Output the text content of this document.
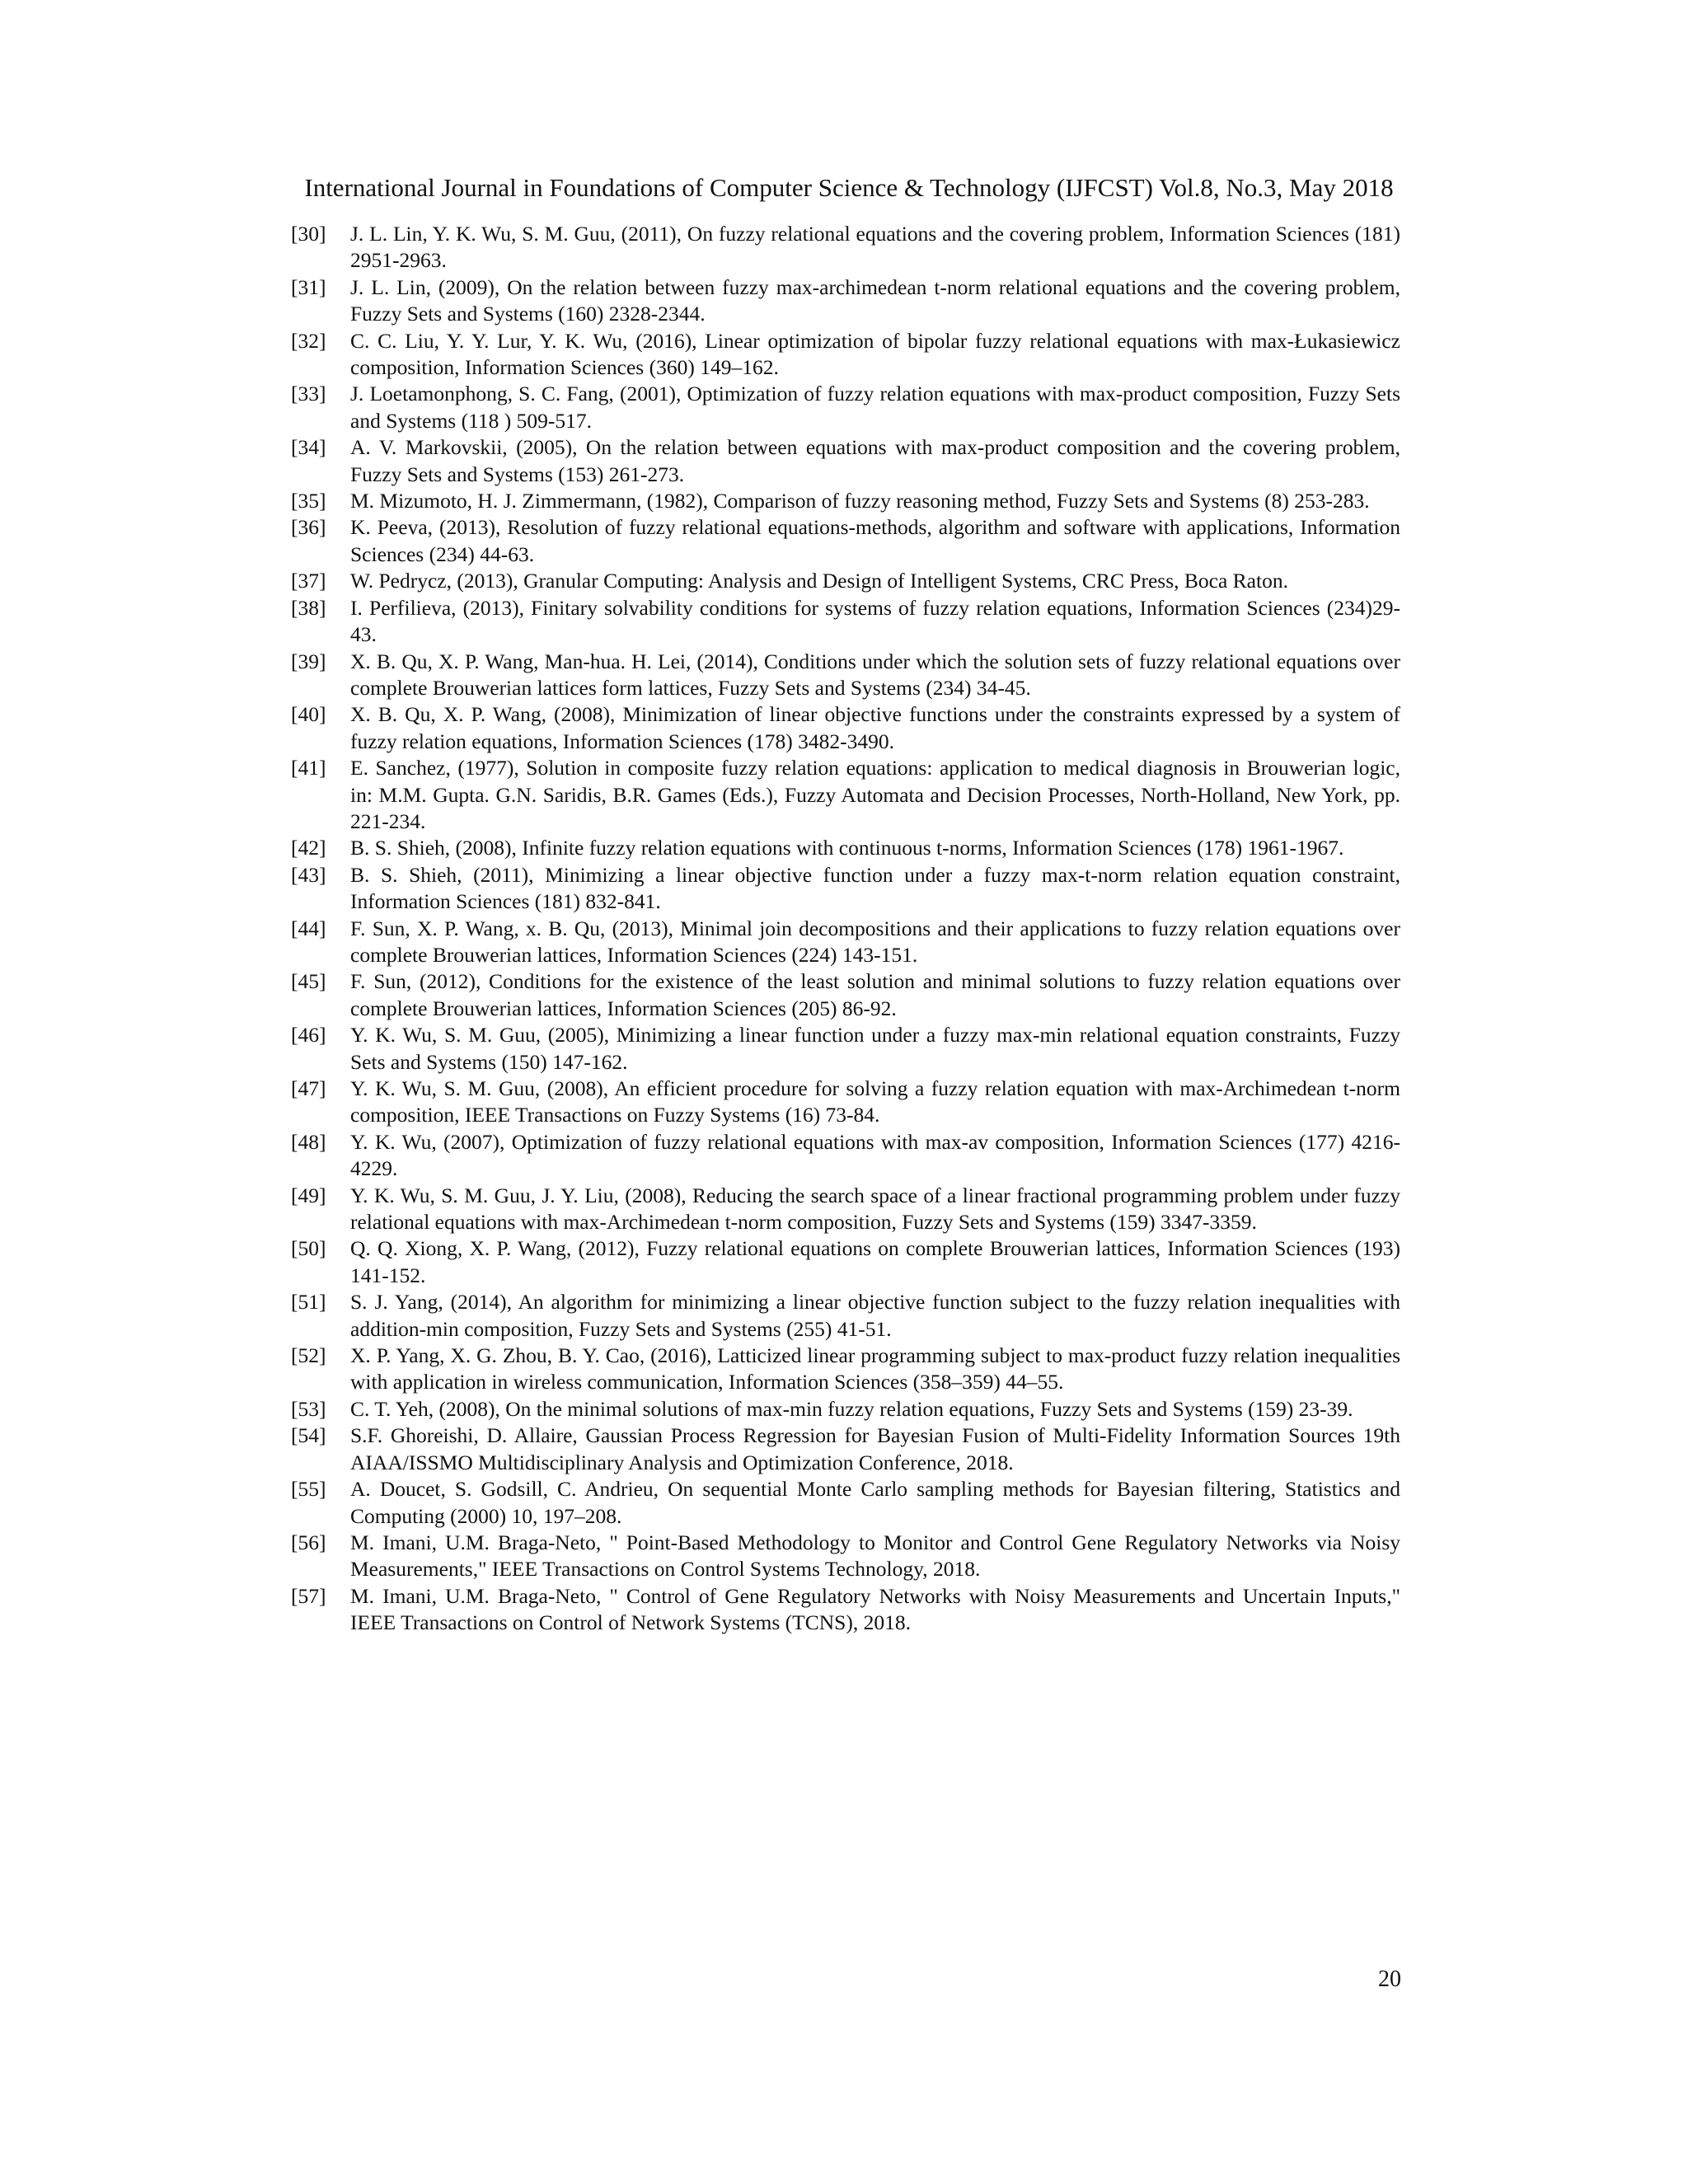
International Journal in Foundations of Computer Science & Technology (IJFCST) Vol.8, No.3, May 2018
[30]	J. L. Lin, Y. K. Wu, S. M. Guu, (2011), On fuzzy relational equations and the covering problem, Information Sciences (181) 2951-2963.
[31]	J. L. Lin, (2009), On the relation between fuzzy max-archimedean t-norm relational equations and the covering problem, Fuzzy Sets and Systems (160) 2328-2344.
[32]	C. C. Liu, Y. Y. Lur, Y. K. Wu, (2016), Linear optimization of bipolar fuzzy relational equations with max-Łukasiewicz composition, Information Sciences (360) 149–162.
[33]	J. Loetamonphong, S. C. Fang, (2001), Optimization of fuzzy relation equations with max-product composition, Fuzzy Sets and Systems (118 ) 509-517.
[34]	A. V. Markovskii, (2005), On the relation between equations with max-product composition and the covering problem, Fuzzy Sets and Systems (153) 261-273.
[35]	M. Mizumoto, H. J. Zimmermann, (1982), Comparison of fuzzy reasoning method, Fuzzy Sets and Systems (8) 253-283.
[36]	K. Peeva, (2013), Resolution of fuzzy relational equations-methods, algorithm and software with applications, Information Sciences (234) 44-63.
[37]	W. Pedrycz, (2013), Granular Computing: Analysis and Design of Intelligent Systems, CRC Press, Boca Raton.
[38]	I. Perfilieva, (2013), Finitary solvability conditions for systems of fuzzy relation equations, Information Sciences (234)29-43.
[39]	X. B. Qu, X. P. Wang, Man-hua. H. Lei, (2014), Conditions under which the solution sets of fuzzy relational equations over complete Brouwerian lattices form lattices, Fuzzy Sets and Systems (234) 34-45.
[40]	X. B. Qu, X. P. Wang, (2008), Minimization of linear objective functions under the constraints expressed by a system of fuzzy relation equations, Information Sciences (178) 3482-3490.
[41]	E. Sanchez, (1977), Solution in composite fuzzy relation equations: application to medical diagnosis in Brouwerian logic, in: M.M. Gupta. G.N. Saridis, B.R. Games (Eds.), Fuzzy Automata and Decision Processes, North-Holland, New York, pp. 221-234.
[42]	B. S. Shieh, (2008), Infinite fuzzy relation equations with continuous t-norms, Information Sciences (178) 1961-1967.
[43]	B. S. Shieh, (2011), Minimizing a linear objective function under a fuzzy max-t-norm relation equation constraint, Information Sciences (181) 832-841.
[44]	F. Sun, X. P. Wang, x. B. Qu, (2013), Minimal join decompositions and their applications to fuzzy relation equations over complete Brouwerian lattices, Information Sciences (224) 143-151.
[45]	F. Sun, (2012), Conditions for the existence of the least solution and minimal solutions to fuzzy relation equations over complete Brouwerian lattices, Information Sciences (205) 86-92.
[46]	Y. K. Wu, S. M. Guu, (2005), Minimizing a linear function under a fuzzy max-min relational equation constraints, Fuzzy Sets and Systems (150) 147-162.
[47]	Y. K. Wu, S. M. Guu, (2008), An efficient procedure for solving a fuzzy relation equation with max-Archimedean t-norm composition, IEEE Transactions on Fuzzy Systems (16) 73-84.
[48]	Y. K. Wu, (2007), Optimization of fuzzy relational equations with max-av composition, Information Sciences (177) 4216-4229.
[49]	Y. K. Wu, S. M. Guu, J. Y. Liu, (2008), Reducing the search space of a linear fractional programming problem under fuzzy relational equations with max-Archimedean t-norm composition, Fuzzy Sets and Systems (159) 3347-3359.
[50]	Q. Q. Xiong, X. P. Wang, (2012), Fuzzy relational equations on complete Brouwerian lattices, Information Sciences (193) 141-152.
[51]	S. J. Yang, (2014), An algorithm for minimizing a linear objective function subject to the fuzzy relation inequalities with addition-min composition, Fuzzy Sets and Systems (255) 41-51.
[52]	X. P. Yang, X. G. Zhou, B. Y. Cao, (2016), Latticized linear programming subject to max-product fuzzy relation inequalities with application in wireless communication, Information Sciences (358–359) 44–55.
[53]	C. T. Yeh, (2008), On the minimal solutions of max-min fuzzy relation equations, Fuzzy Sets and Systems (159) 23-39.
[54]	S.F. Ghoreishi, D. Allaire, Gaussian Process Regression for Bayesian Fusion of Multi-Fidelity Information Sources 19th AIAA/ISSMO Multidisciplinary Analysis and Optimization Conference, 2018.
[55]	A. Doucet, S. Godsill, C. Andrieu, On sequential Monte Carlo sampling methods for Bayesian filtering, Statistics and Computing (2000) 10, 197–208.
[56]	M. Imani, U.M. Braga-Neto, " Point-Based Methodology to Monitor and Control Gene Regulatory Networks via Noisy Measurements," IEEE Transactions on Control Systems Technology, 2018.
[57]	M. Imani, U.M. Braga-Neto, " Control of Gene Regulatory Networks with Noisy Measurements and Uncertain Inputs," IEEE Transactions on Control of Network Systems (TCNS), 2018.
20
